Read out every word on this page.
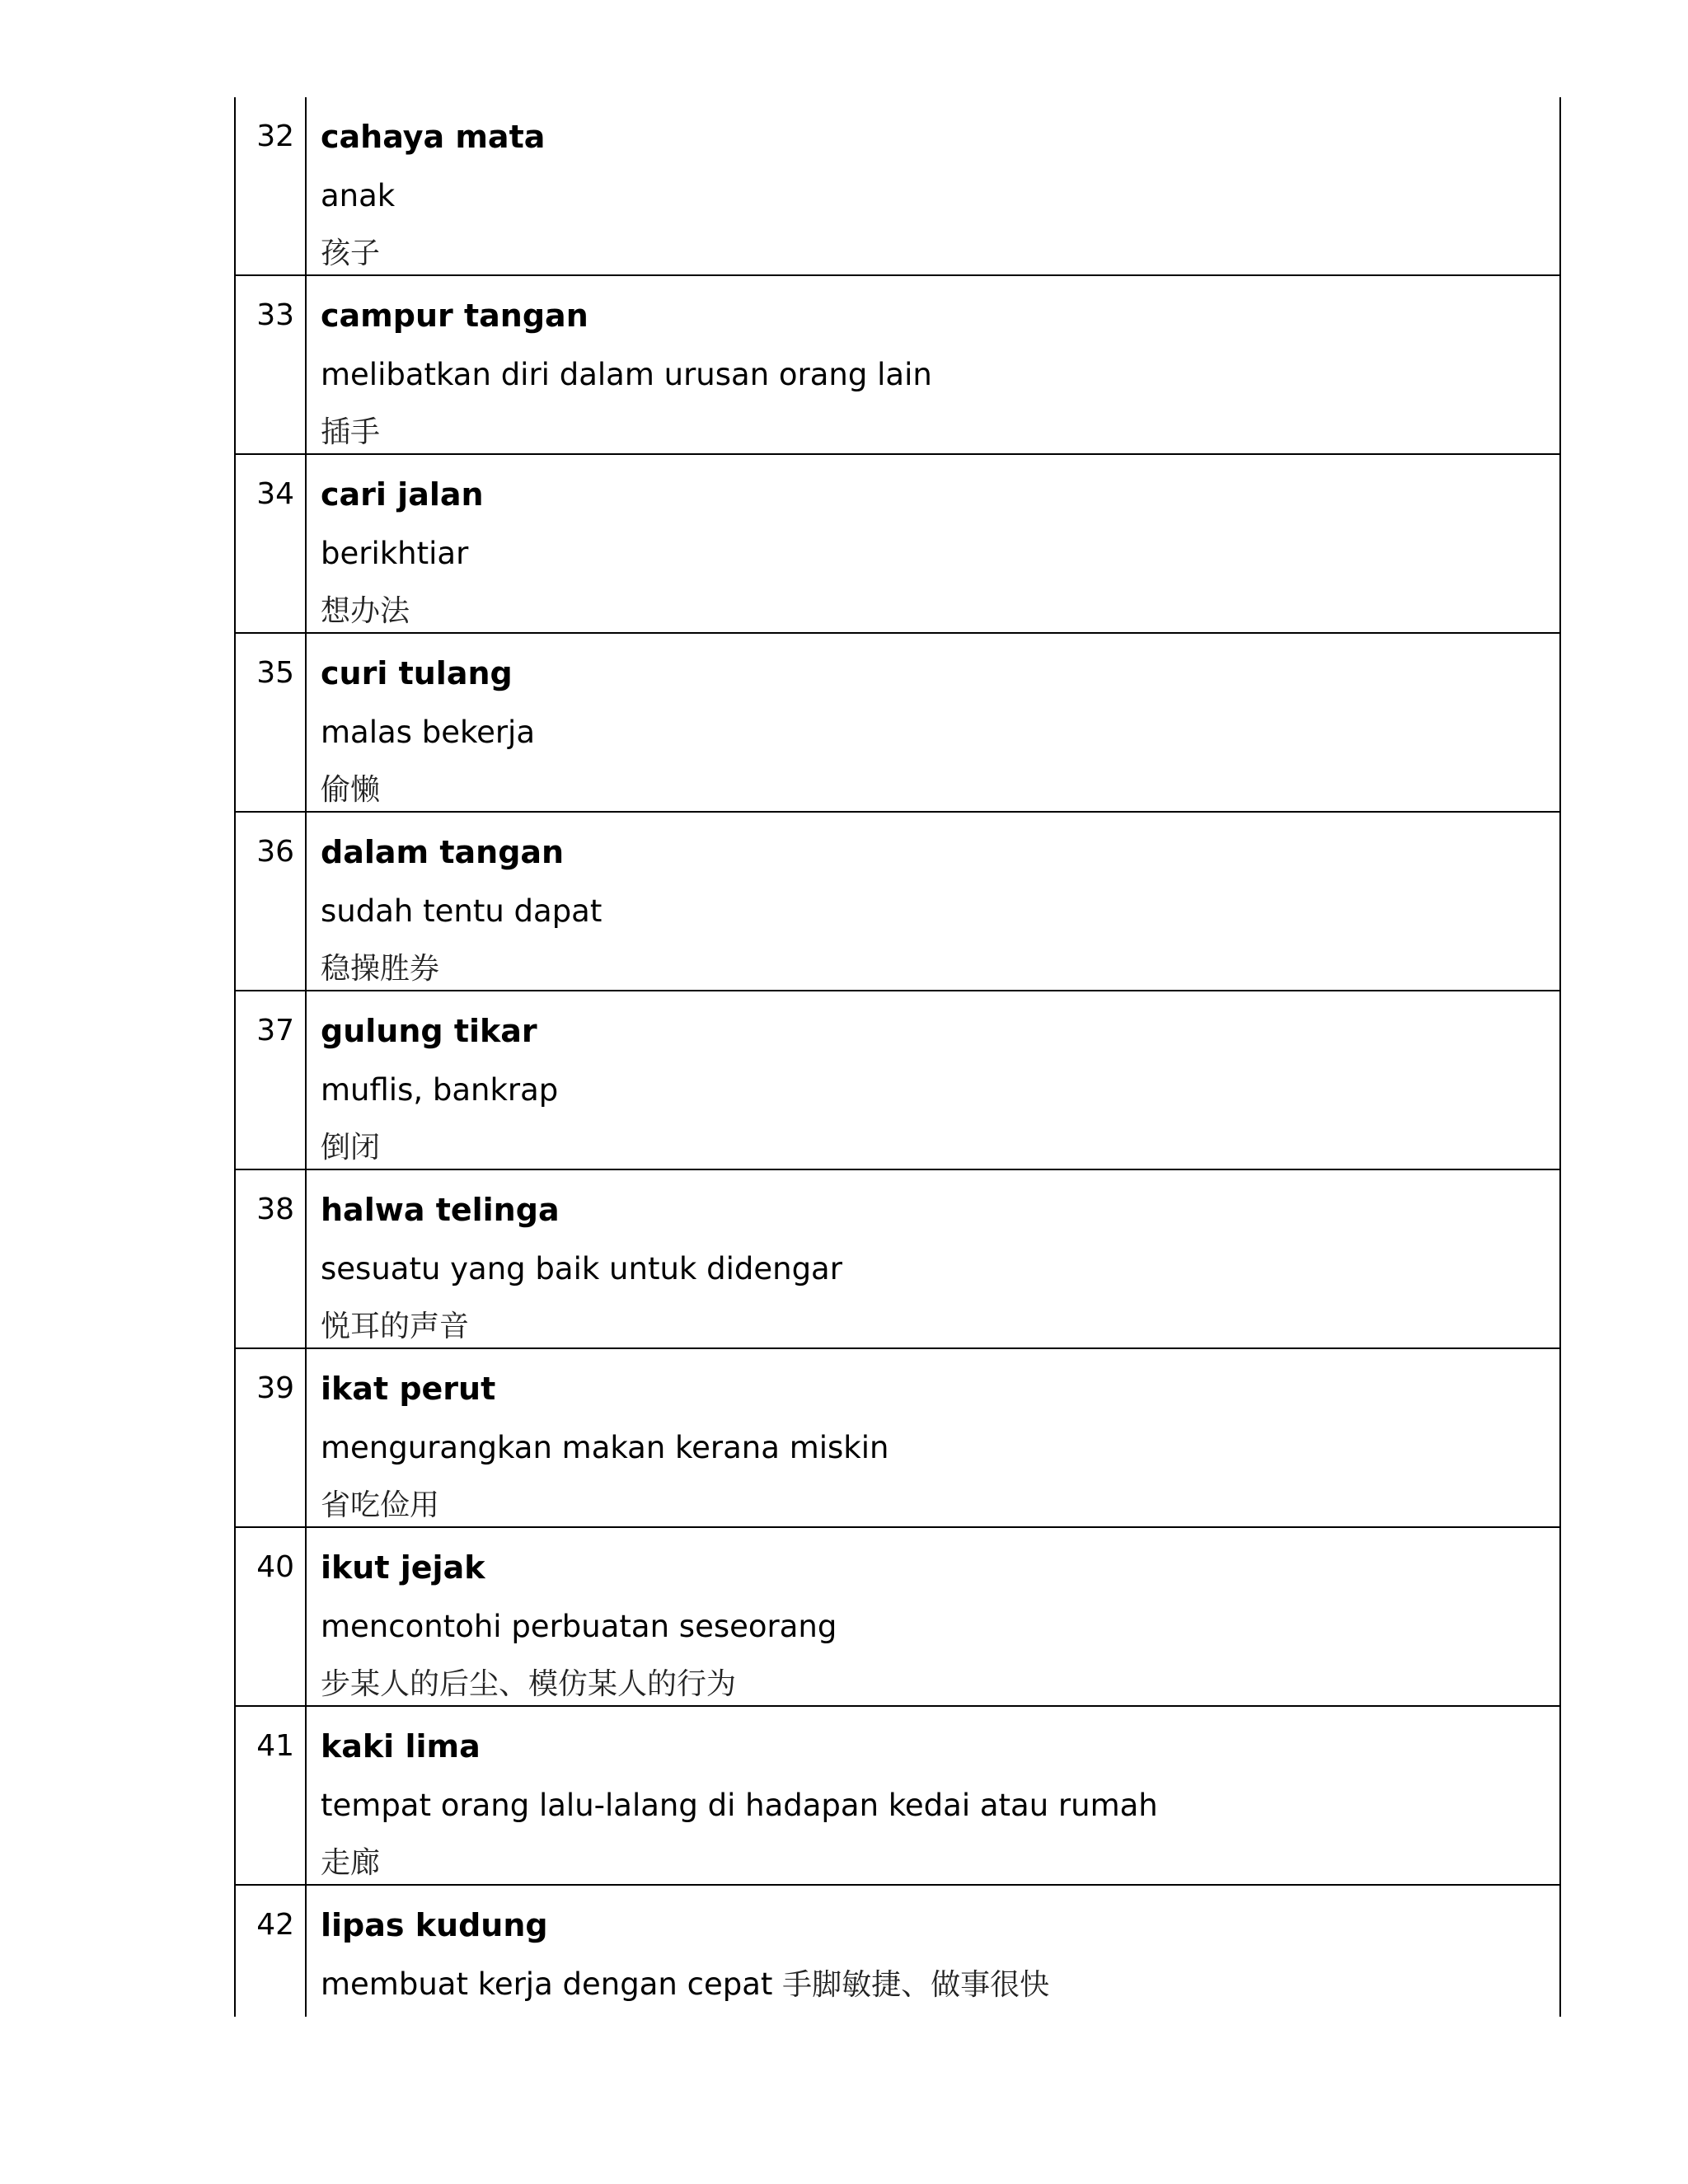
32 cahaya mata
anak
孩子
33 campur tangan
melibatkan diri dalam urusan orang lain
插手
34 cari jalan
berikhtiar
想办法
35 curi tulang
malas bekerja
偷懒
36 dalam tangan
sudah tentu dapat
稳操胜券
37 gulung tikar
muflis, bankrap
倒闭
38 halwa telinga
sesuatu yang baik untuk didengar
悦耳的声音
39 ikat perut
mengurangkan makan kerana miskin
省吃俭用
40 ikut jejak
mencontohi perbuatan seseorang
步某人的后尘、模仿某人的行为
41 kaki lima
tempat orang lalu-lalang di hadapan kedai atau rumah
走廊
42 lipas kudung
membuat kerja dengan cepat 手脚敏捷、做事很快
